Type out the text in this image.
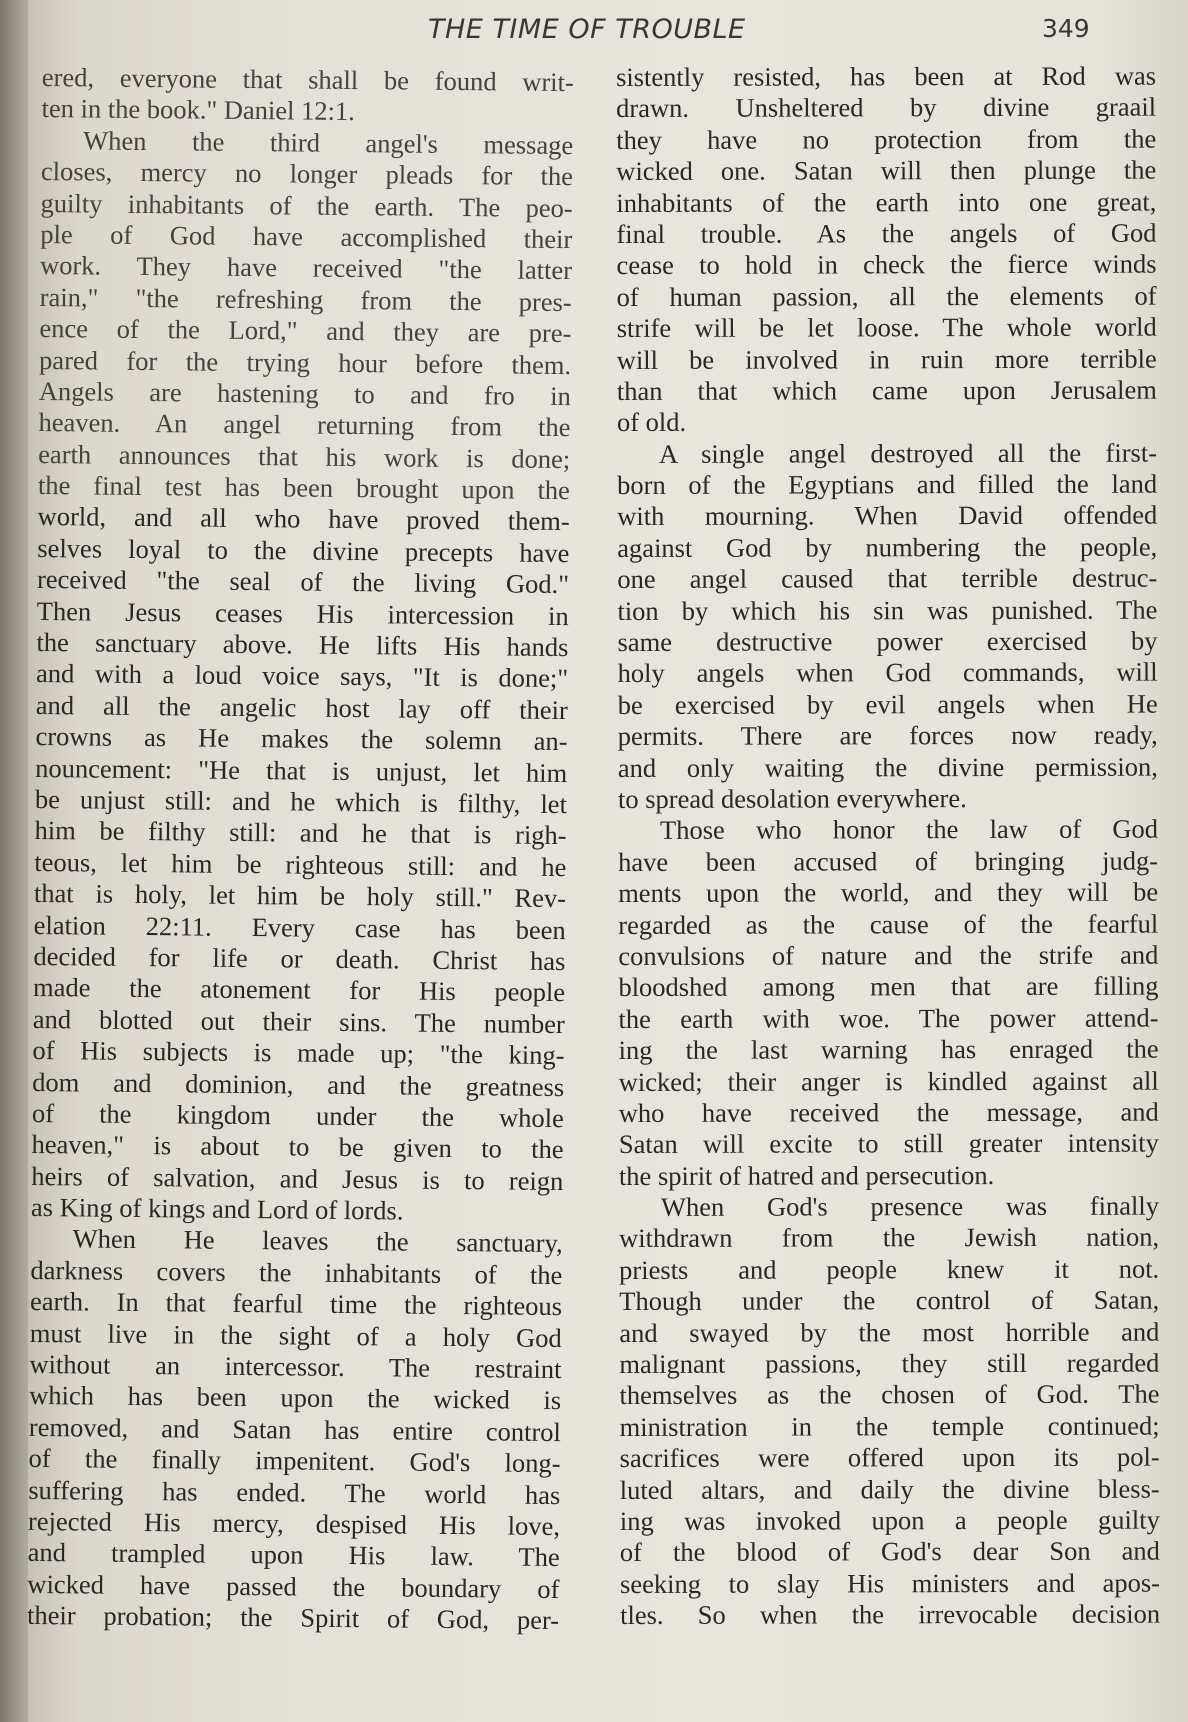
THE TIME OF TROUBLE	349
ered, everyone that shall be found writ-
ten in the book." Daniel 12:1.
When the third angel's message
closes, mercy no longer pleads for the
guilty inhabitants of the earth. The peo-
ple of God have accomplished their
work. They have received "the latter
rain," "the refreshing from the pres-
ence of the Lord," and they are pre-
pared for the trying hour before them.
Angels are hastening to and fro in
heaven. An angel returning from the
earth announces that his work is done;
the final test has been brought upon the
world, and all who have proved them-
selves loyal to the divine precepts have
received "the seal of the living God."
Then Jesus ceases His intercession in
the sanctuary above. He lifts His hands
and with a loud voice says, "It is done;"
and all the angelic host lay off their
crowns as He makes the solemn an-
nouncement: "He that is unjust, let him
be unjust still: and he which is filthy, let
him be filthy still: and he that is righ-
teous, let him be righteous still: and he
that is holy, let him be holy still." Rev-
elation 22:11. Every case has been
decided for life or death. Christ has
made the atonement for His people
and blotted out their sins. The number
of His subjects is made up; "the king-
dom and dominion, and the greatness
of the kingdom under the whole
heaven," is about to be given to the
heirs of salvation, and Jesus is to reign
as King of kings and Lord of lords.
When He leaves the sanctuary,
darkness covers the inhabitants of the
earth. In that fearful time the righteous
must live in the sight of a holy God
without an intercessor. The restraint
which has been upon the wicked is
removed, and Satan has entire control
of the finally impenitent. God's long-
suffering has ended. The world has
rejected His mercy, despised His love,
and trampled upon His law. The
wicked have passed the boundary of
their probation; the Spirit of God, per-
sistently resisted, has been at Rod was
drawn. Unsheltered by divine graail
they have no protection from the
wicked one. Satan will then plunge the
inhabitants of the earth into one great,
final trouble. As the angels of God
cease to hold in check the fierce winds
of human passion, all the elements of
strife will be let loose. The whole world
will be involved in ruin more terrible
than that which came upon Jerusalem
of old.
A single angel destroyed all the first-
born of the Egyptians and filled the land
with mourning. When David offended
against God by numbering the people,
one angel caused that terrible destruc-
tion by which his sin was punished. The
same destructive power exercised by
holy angels when God commands, will
be exercised by evil angels when He
permits. There are forces now ready,
and only waiting the divine permission,
to spread desolation everywhere.
Those who honor the law of God
have been accused of bringing judg-
ments upon the world, and they will be
regarded as the cause of the fearful
convulsions of nature and the strife and
bloodshed among men that are filling
the earth with woe. The power attend-
ing the last warning has enraged the
wicked; their anger is kindled against all
who have received the message, and
Satan will excite to still greater intensity
the spirit of hatred and persecution.
When God's presence was finally
withdrawn from the Jewish nation,
priests and people knew it not.
Though under the control of Satan,
and swayed by the most horrible and
malignant passions, they still regarded
themselves as the chosen of God. The
ministration in the temple continued;
sacrifices were offered upon its pol-
luted altars, and daily the divine bless-
ing was invoked upon a people guilty
of the blood of God's dear Son and
seeking to slay His ministers and apos-
tles. So when the irrevocable decision
